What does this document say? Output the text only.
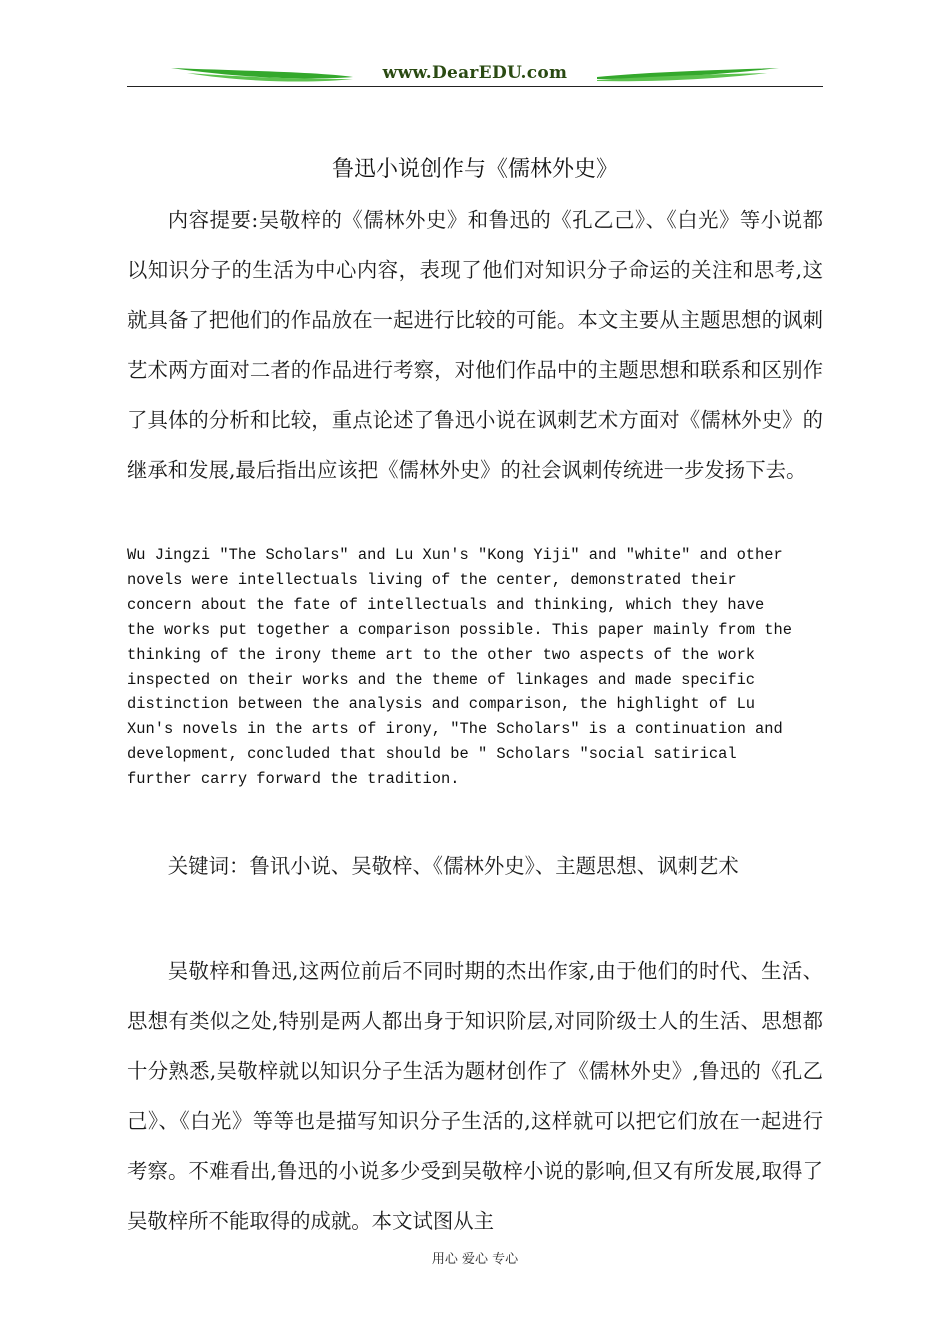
www.DearEDU.com
鲁迅小说创作与《儒林外史》
内容提要:吴敬梓的《儒林外史》和鲁迅的《孔乙己》、《白光》等小说都以知识分子的生活为中心内容，表现了他们对知识分子命运的关注和思考,这就具备了把他们的作品放在一起进行比较的可能。本文主要从主题思想的讽刺艺术两方面对二者的作品进行考察，对他们作品中的主题思想和联系和区别作了具体的分析和比较，重点论述了鲁迅小说在讽刺艺术方面对《儒林外史》的继承和发展,最后指出应该把《儒林外史》的社会讽刺传统进一步发扬下去。
Wu Jingzi "The Scholars" and Lu Xun's "Kong Yiji" and "white" and other
novels were intellectuals living of the center, demonstrated their
concern about the fate of intellectuals and thinking, which they have
the works put together a comparison possible. This paper mainly from the
thinking of the irony theme art to the other two aspects of the work
inspected on their works and the theme of linkages and made specific
distinction between the analysis and comparison, the highlight of Lu
Xun's novels in the arts of irony, "The Scholars" is a continuation and
development, concluded that should be " Scholars "social satirical
further carry forward the tradition.
关键词：鲁讯小说、吴敬梓、《儒林外史》、主题思想、讽刺艺术
吴敬梓和鲁迅,这两位前后不同时期的杰出作家,由于他们的时代、生活、思想有类似之处,特别是两人都出身于知识阶层,对同阶级士人的生活、思想都十分熟悉,吴敬梓就以知识分子生活为题材创作了《儒林外史》,鲁迅的《孔乙己》、《白光》等等也是描写知识分子生活的,这样就可以把它们放在一起进行考察。不难看出,鲁迅的小说多少受到吴敬梓小说的影响,但又有所发展,取得了吴敬梓所不能取得的成就。本文试图从主
用心 爱心 专心
